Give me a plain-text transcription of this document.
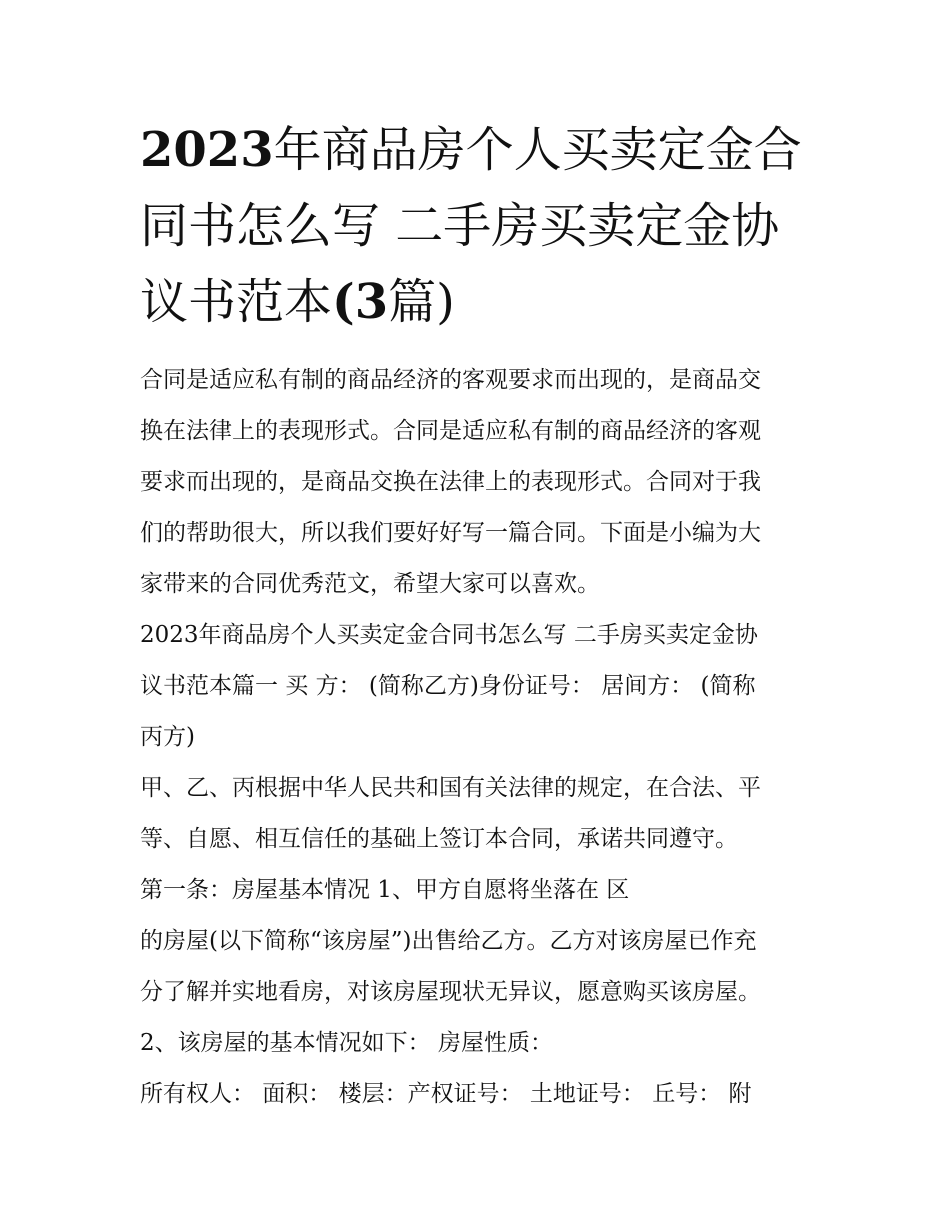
2023年商品房个人买卖定金合
同书怎么写 二手房买卖定金协
议书范本(3篇)

合同是适应私有制的商品经济的客观要求而出现的，是商品交

换在法律上的表现形式。合同是适应私有制的商品经济的客观

要求而出现的，是商品交换在法律上的表现形式。合同对于我

们的帮助很大，所以我们要好好写一篇合同。下面是小编为大

家带来的合同优秀范文，希望大家可以喜欢。

2023年商品房个人买卖定金合同书怎么写 二手房买卖定金协

议书范本篇一 买 方： (简称乙方)身份证号： 居间方： (简称

丙方)

甲、乙、丙根据中华人民共和国有关法律的规定，在合法、平

等、自愿、相互信任的基础上签订本合同，承诺共同遵守。

第一条：房屋基本情况 1、甲方自愿将坐落在 区

的房屋(以下简称“该房屋”)出售给乙方。乙方对该房屋已作充

分了解并实地看房，对该房屋现状无异议，愿意购买该房屋。

2、该房屋的基本情况如下： 房屋性质：

所有权人： 面积： 楼层：产权证号： 土地证号： 丘号： 附
